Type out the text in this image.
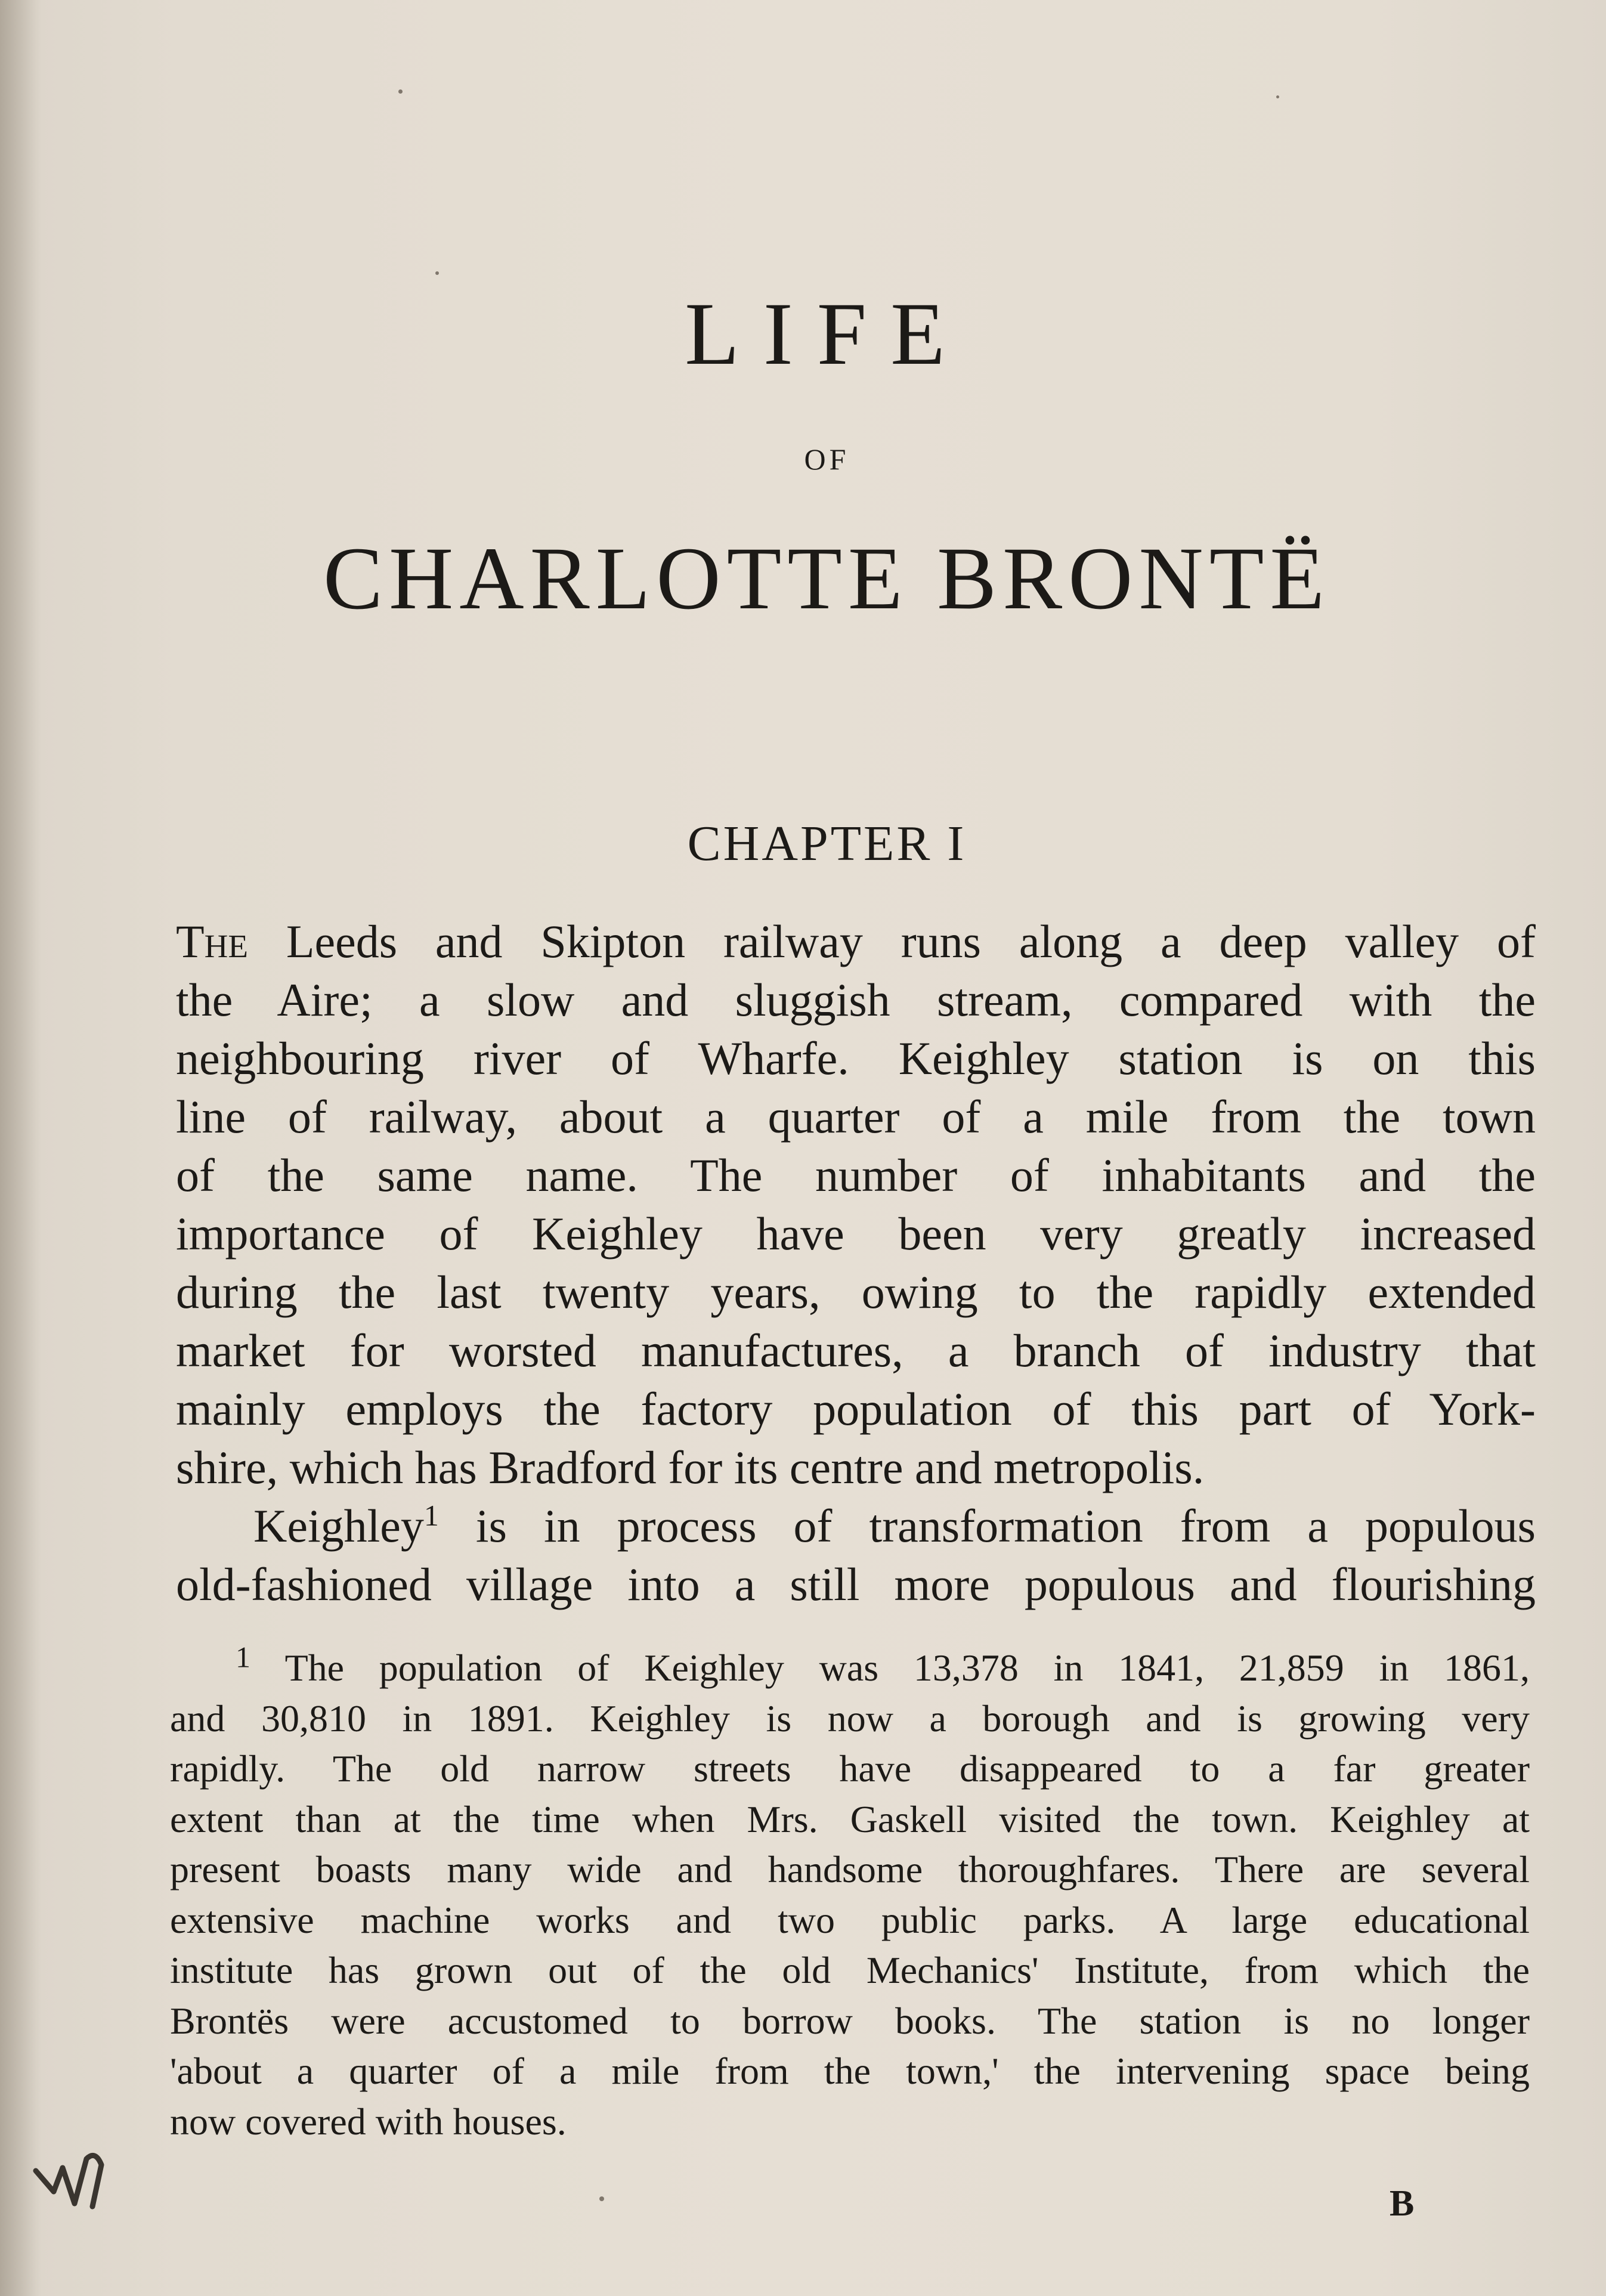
LIFE
OF
CHARLOTTE BRONTË
CHAPTER I
The Leeds and Skipton railway runs along a deep valley of
the Aire; a slow and sluggish stream, compared with the
neighbouring river of Wharfe. Keighley station is on this
line of railway, about a quarter of a mile from the town
of the same name. The number of inhabitants and the
importance of Keighley have been very greatly increased
during the last twenty years, owing to the rapidly extended
market for worsted manufactures, a branch of industry that
mainly employs the factory population of this part of York-
shire, which has Bradford for its centre and metropolis.
Keighley$^1$ is in process of transformation from a populous
old-fashioned village into a still more populous and flourishing
$^1$ The population of Keighley was 13,378 in 1841, 21,859 in 1861,
and 30,810 in 1891. Keighley is now a borough and is growing very
rapidly. The old narrow streets have disappeared to a far greater
extent than at the time when Mrs. Gaskell visited the town. Keighley at
present boasts many wide and handsome thoroughfares. There are several
extensive machine works and two public parks. A large educational
institute has grown out of the old Mechanics' Institute, from which the
Brontës were accustomed to borrow books. The station is no longer
'about a quarter of a mile from the town,' the intervening space being
now covered with houses.
B
